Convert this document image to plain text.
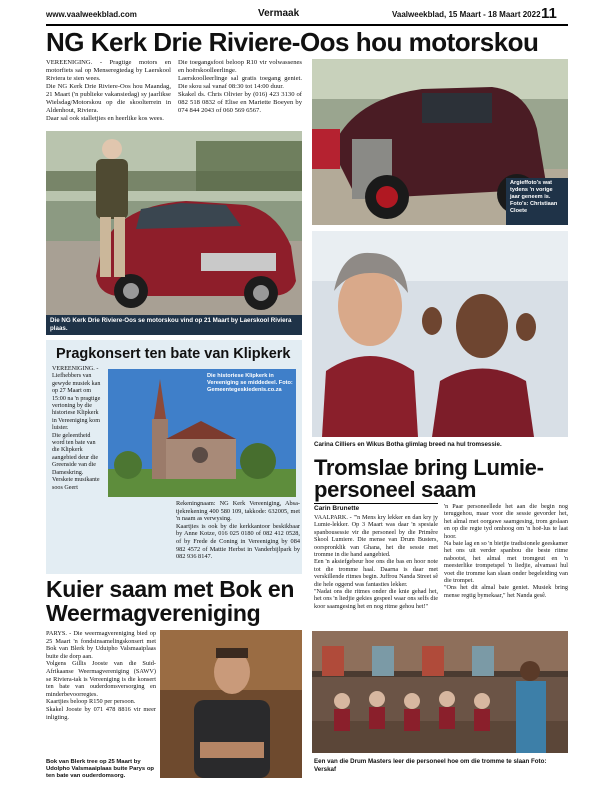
www.vaalweekblad.com	Vermaak	Vaalweekblad, 15 Maart - 18 Maart 2022 11
NG Kerk Drie Riviere-Oos hou motorskou
VEREENIGING. - Pragtige motors en motorfiets sal op Menseregtedag by Laerskool Riviera te sien wees.
Die NG Kerk Drie Riviere-Oos hou Maandag, 21 Maart ('n publieke vakansiedag) sy jaarlikse Wielsdag/Motorskou op die skoolterrein in Aldenhout, Riviera.
Daar sal ook stalletjies en heerlike kos wees.
Die toegangsfooi beloop R10 vir volwassenes en hoërskoolleerlinge.
Laerskoolleerlinge sal gratis toegang geniet. Die skou sal vanaf 08:30 tot 14:00 duur.
Skakel ds. Chris Olivier by (016) 423 3130 of 082 518 0832 of Elise en Mariette Boeyen by 074 844 2043 of 060 569 6567.
Die NG Kerk Drie Riviere-Oos se motorskou vind op 21 Maart by Laerskool Riviera plaas.
Argieffoto's wat tydens 'n vorige jaar geneem is. Foto's: Christiaan Cloete
Pragkonsert ten bate van Klipkerk
VEREENIGING. - Liefhebbers van gewyde musiek kan op 27 Maart om 15:00 na 'n pragtige vertoning by die historiese Klipkerk in Vereeniging kom luister.
Die geleentheid word ten bate van die Klipkerk aangebied deur die Greenside van die Dameskring.
Verskeie musikante soos Geert

Die historiese Klipkerk in Vereeniging se middedeel. Foto: Gemeentegeskiedenis.co.za
Rekeningnaam: NG Kerk Vereeniging, Absa-tjekrekening 400 580 109, takkode: 632005, met 'n naam as verwysing.
Kaartjies is ook by die kerkkantoor beskikbaar by Anne Kotze, 016 025 0180 of 082 412 0528, of by Frede de Coning in Vereeniging by 084 982 4572 of Mattie Herbst in Vanderbijlpark by 082 936 8147.
Kuier saam met Bok en Weermagvereniging
PARYS. - Die weermagvereniging bied op 25 Maart 'n fondsinsamelingskonsert met Bok van Blerk by Uduipho Valsmaaiplaas buite die dorp aan.
Volgens Gillis Jooste van die Suid-Afrikaanse Weermagvereniging (SAWV) se Riviera-tak is Vereeniging is die konsert ten bate van ouderdomsversorging en minderbevoorregtes.
Kaartjies beloop R150 per persoon.
Skakel Jooste by 071 478 8816 vir meer inligting.
Bok van Blerk tree op 25 Maart by Udolpho Valsmaaiplaas buite Parys op ten bate van ouderdomsorg.
Carina Cilliers en Wikus Botha glimlag breed na hul tromsessie.
Tromslae bring Lumie-personeel saam
Carin Brunette
VAALPARK. - "'n Mens kry lekker en dan kry jy Lumie-lekker. Op 3 Maart was daar 'n spesiale spanbousessie vir die personeel by die Primêre Skool Lumiere. Die mense van Drum Busters, oorspronklik van Ghana, het die sessie met tromme in die hand aangebied.
Een 'n aksiefgebeur hoe ons die bas en hoor note tot die tromme haal. Daarna is daar met verskillende ritmes begin. Juffrou Nanda Street sê die hele oggend was fantasties lekker.
"Nadat ons die ritmes onder die knie gehad het, het ons 'n liedjie gekies gespeel waar ons selfs die koor saamgesing het en nog ritme gehou het!"
'n Paar personeellede het aan die begin nog teruggehou, maar voor die sessie gevorder het, het almal met oorgawe saamgesing, trom geslaan en op die regte tyd omhoog om 'n hoë-lus te laat hoor.
Na baie lag en so 'n bietjie tradisionele geeskamer het ons uit verder spanbou die beste ritme nabootst, het almal met tromgeut en 'n meesterlike trompetspel 'n liedjie, alvamasi hul voet die tromme kan slaan onder begeleiding van die trompet.
"Ons het dit almal baie geniet. Musiek bring mense regtig bymekaar," het Nanda gesê.
Een van die Drum Masters leer die personeel hoe om die tromme te slaan Foto: Verskaf
